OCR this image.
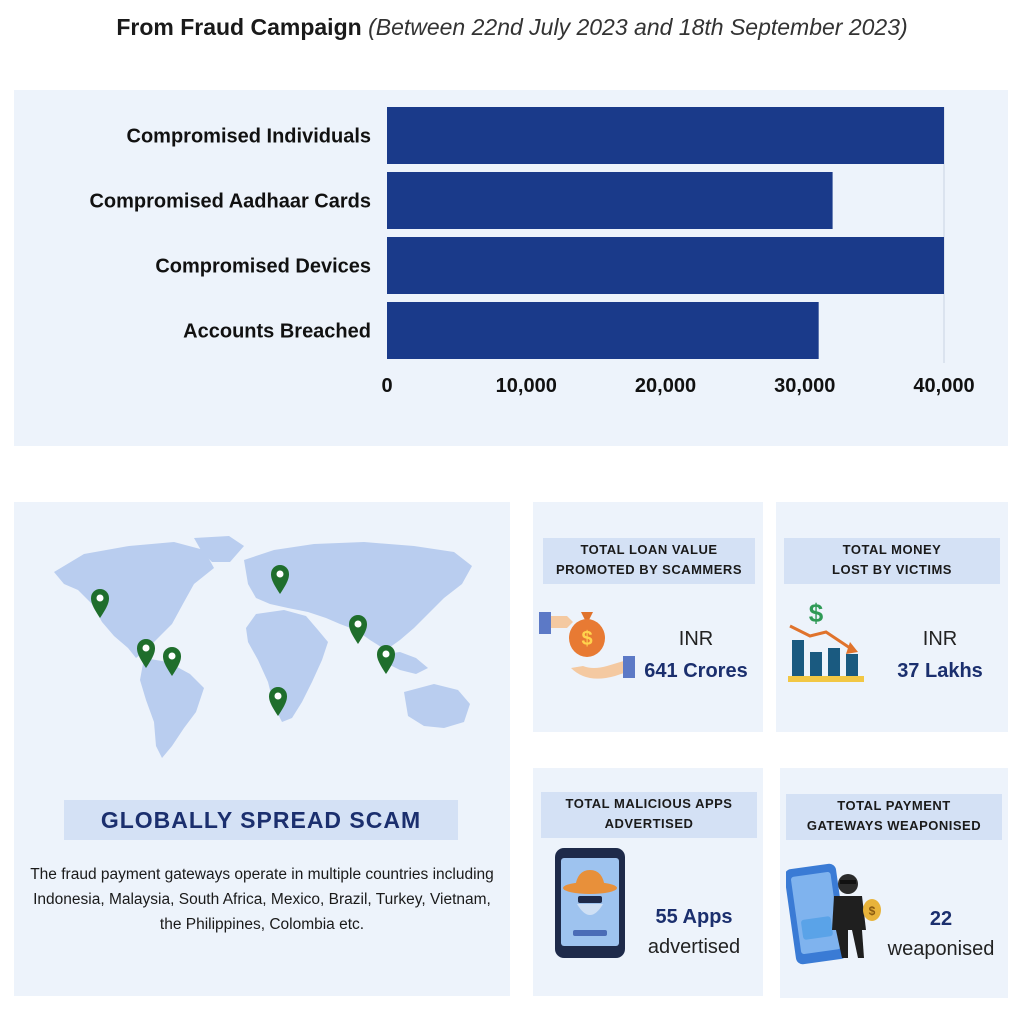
From Fraud Campaign (Between 22nd July 2023 and 18th September 2023)
Compromised Individuals
Compromised Aadhaar Cards
Compromised Devices
Accounts Breached
0	10,000	20,000	30,000	40,000
GLOBALLY SPREAD SCAM
The fraud payment gateways operate in multiple countries including Indonesia, Malaysia, South Africa, Mexico, Brazil, Turkey, Vietnam, the Philippines, Colombia etc.
TOTAL LOAN VALUE
PROMOTED BY SCAMMERS
$	INR
641 Crores
TOTAL MONEY
LOST BY VICTIMS
$
INR
37 Lakhs
TOTAL MALICIOUS APPS
ADVERTISED
55 Apps
advertised
TOTAL PAYMENT
GATEWAYS WEAPONISED
$	22
weaponised
